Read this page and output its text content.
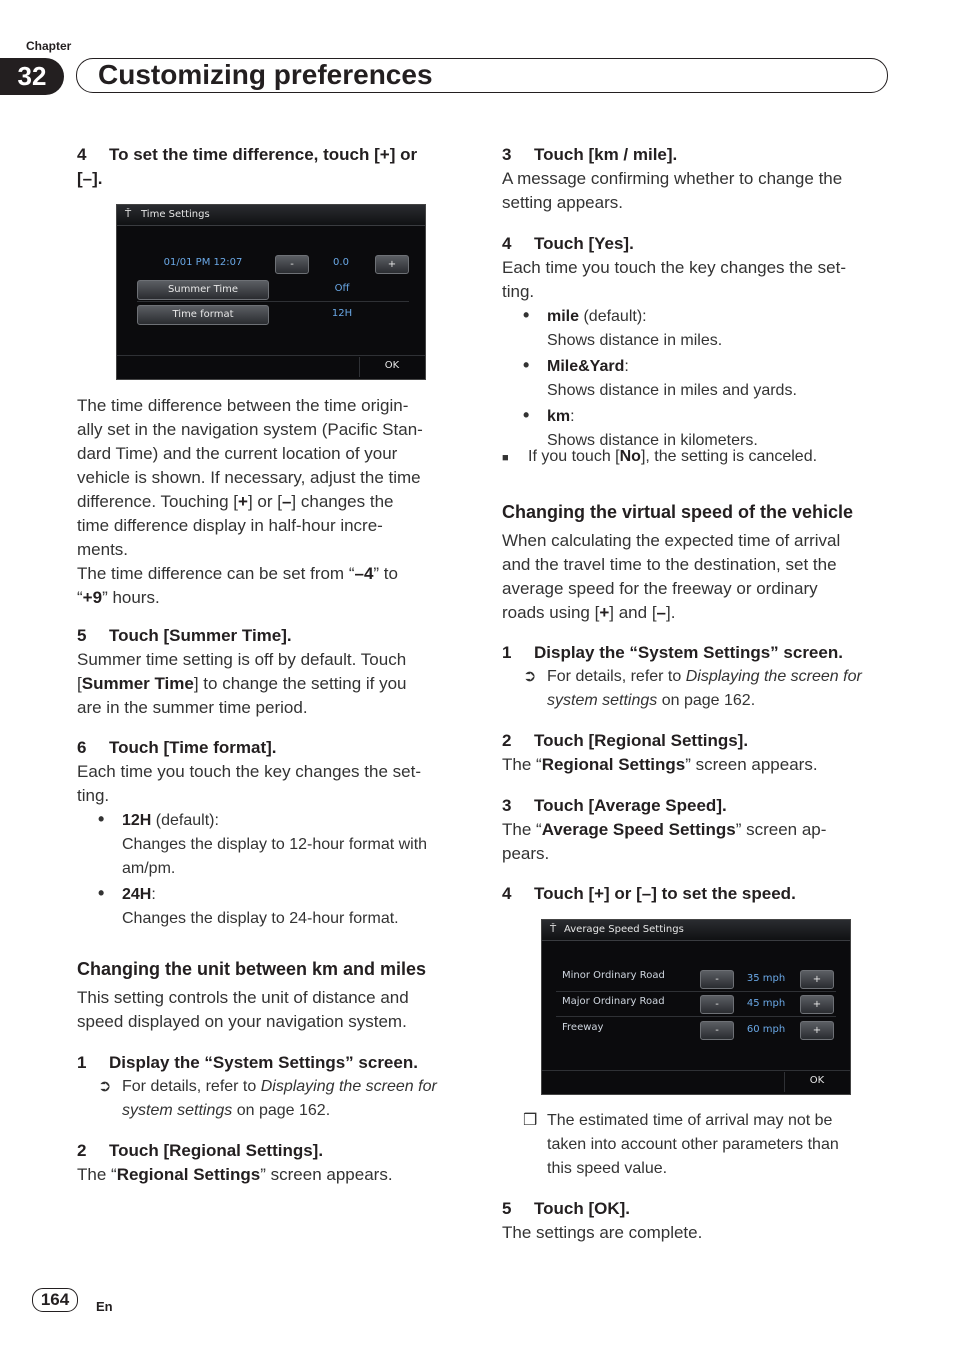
Chapter
32	Customizing preferences
4 To set the time difference, touch [+] or
[–].
Ť Time Settings
01/01 PM 12:07	-	0.0	+
Summer Time	Off
Time format	12H
OK
The time difference between the time origin-
ally set in the navigation system (Pacific Stan-
dard Time) and the current location of your
vehicle is shown. If necessary, adjust the time
difference. Touching [+] or [–] changes the
time difference display in half-hour incre-
ments.
The time difference can be set from “–4” to
“+9” hours.
5 Touch [Summer Time].
Summer time setting is off by default. Touch
[Summer Time] to change the setting if you
are in the summer time period.
6 Touch [Time format].
Each time you touch the key changes the set-
ting.
• 12H (default):
Changes the display to 12-hour format with
am/pm.
• 24H:
Changes the display to 24-hour format.
Changing the unit between km and miles
This setting controls the unit of distance and
speed displayed on your navigation system.
1 Display the “System Settings” screen.
➲ For details, refer to Displaying the screen for
system settings on page 162.
2 Touch [Regional Settings].
The “Regional Settings” screen appears.
3 Touch [km / mile].
A message confirming whether to change the
setting appears.
4 Touch [Yes].
Each time you touch the key changes the set-
ting.
• mile (default):
Shows distance in miles.
• Mile&Yard:
Shows distance in miles and yards.
• km:
Shows distance in kilometers.
■ If you touch [No], the setting is canceled.
Changing the virtual speed of the vehicle
When calculating the expected time of arrival
and the travel time to the destination, set the
average speed for the freeway or ordinary
roads using [+] and [–].
1 Display the “System Settings” screen.
➲ For details, refer to Displaying the screen for
system settings on page 162.
2 Touch [Regional Settings].
The “Regional Settings” screen appears.
3 Touch [Average Speed].
The “Average Speed Settings” screen ap-
pears.
4 Touch [+] or [–] to set the speed.
Ť Average Speed Settings
Minor Ordinary Road	-	35 mph	+
Major Ordinary Road	-	45 mph	+
Freeway	-	60 mph	+
OK
❒ The estimated time of arrival may not be
taken into account other parameters than
this speed value.
5 Touch [OK].
The settings are complete.
164	En
